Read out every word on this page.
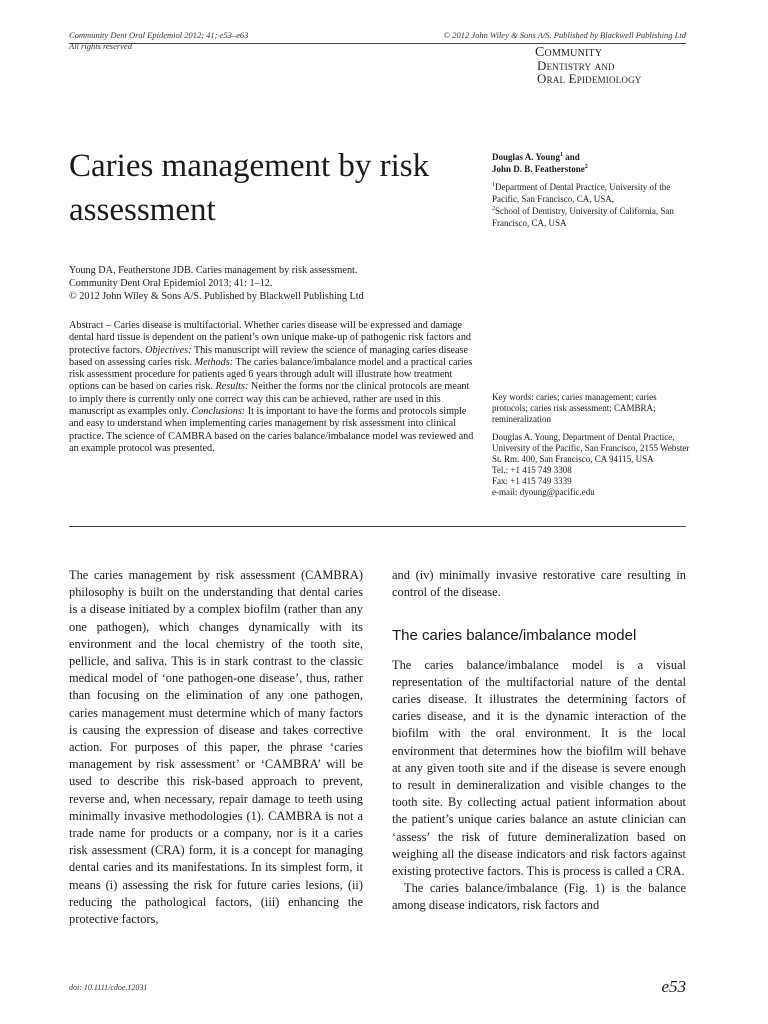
Community Dent Oral Epidemiol 2012; 41; e53–e63
All rights reserved
© 2012 John Wiley & Sons A/S. Published by Blackwell Publishing Ltd
Community
Dentistry and
Oral Epidemiology
Caries management by risk assessment
Douglas A. Young$^1$ and
John D. B. Featherstone$^2$
$^1$Department of Dental Practice, University of the Pacific, San Francisco, CA, USA,
$^2$School of Dentistry, University of California, San Francisco, CA, USA
Young DA, Featherstone JDB. Caries management by risk assessment.
Community Dent Oral Epidemiol 2013; 41: 1–12.
© 2012 John Wiley & Sons A/S. Published by Blackwell Publishing Ltd
Abstract – Caries disease is multifactorial. Whether caries disease will be expressed and damage dental hard tissue is dependent on the patient’s own unique make-up of pathogenic risk factors and protective factors. Objectives: This manuscript will review the science of managing caries disease based on assessing caries risk. Methods: The caries balance/imbalance model and a practical caries risk assessment procedure for patients aged 6 years through adult will illustrate how treatment options can be based on caries risk. Results: Neither the forms nor the clinical protocols are meant to imply there is currently only one correct way this can be achieved, rather are used in this manuscript as examples only. Conclusions: It is important to have the forms and protocols simple and easy to understand when implementing caries management by risk assessment into clinical practice. The science of CAMBRA based on the caries balance/imbalance model was reviewed and an example protocol was presented.
Key words: caries; caries management; caries protocols; caries risk assessment; CAMBRA; remineralization
Douglas A. Young, Department of Dental Practice, University of the Pacific, San Francisco, 2155 Webster St. Rm. 400, San Francisco, CA 94115, USA
Tel.: +1 415 749 3308
Fax: +1 415 749 3339
e-mail: dyoung@pacific.edu

The caries management by risk assessment (CAMBRA) philosophy is built on the understanding that dental caries is a disease initiated by a complex biofilm (rather than any one pathogen), which changes dynamically with its environment and the local chemistry of the tooth site, pellicle, and saliva. This is in stark contrast to the classic medical model of ‘one pathogen-one disease’, thus, rather than focusing on the elimination of any one pathogen, caries management must determine which of many factors is causing the expression of disease and takes corrective action. For purposes of this paper, the phrase ‘caries management by risk assessment’ or ‘CAMBRA’ will be used to describe this risk-based approach to prevent, reverse and, when necessary, repair damage to teeth using minimally invasive methodologies (1). CAMBRA is not a trade name for products or a company, nor is it a caries risk assessment (CRA) form, it is a concept for managing dental caries and its manifestations. In its simplest form, it means (i) assessing the risk for future caries lesions, (ii) reducing the pathological factors, (iii) enhancing the protective factors,

and (iv) minimally invasive restorative care resulting in control of the disease.

The caries balance/imbalance model

The caries balance/imbalance model is a visual representation of the multifactorial nature of the dental caries disease. It illustrates the determining factors of caries disease, and it is the dynamic interaction of the biofilm with the oral environment. It is the local environment that determines how the biofilm will behave at any given tooth site and if the disease is severe enough to result in demineralization and visible changes to the tooth site. By collecting actual patient information about the patient’s unique caries balance an astute clinician can ‘assess’ the risk of future demineralization based on weighing all the disease indicators and risk factors against existing protective factors. This is process is called a CRA.

The caries balance/imbalance (Fig. 1) is the balance among disease indicators, risk factors and

doi: 10.1111/cdoe.12031	e53
